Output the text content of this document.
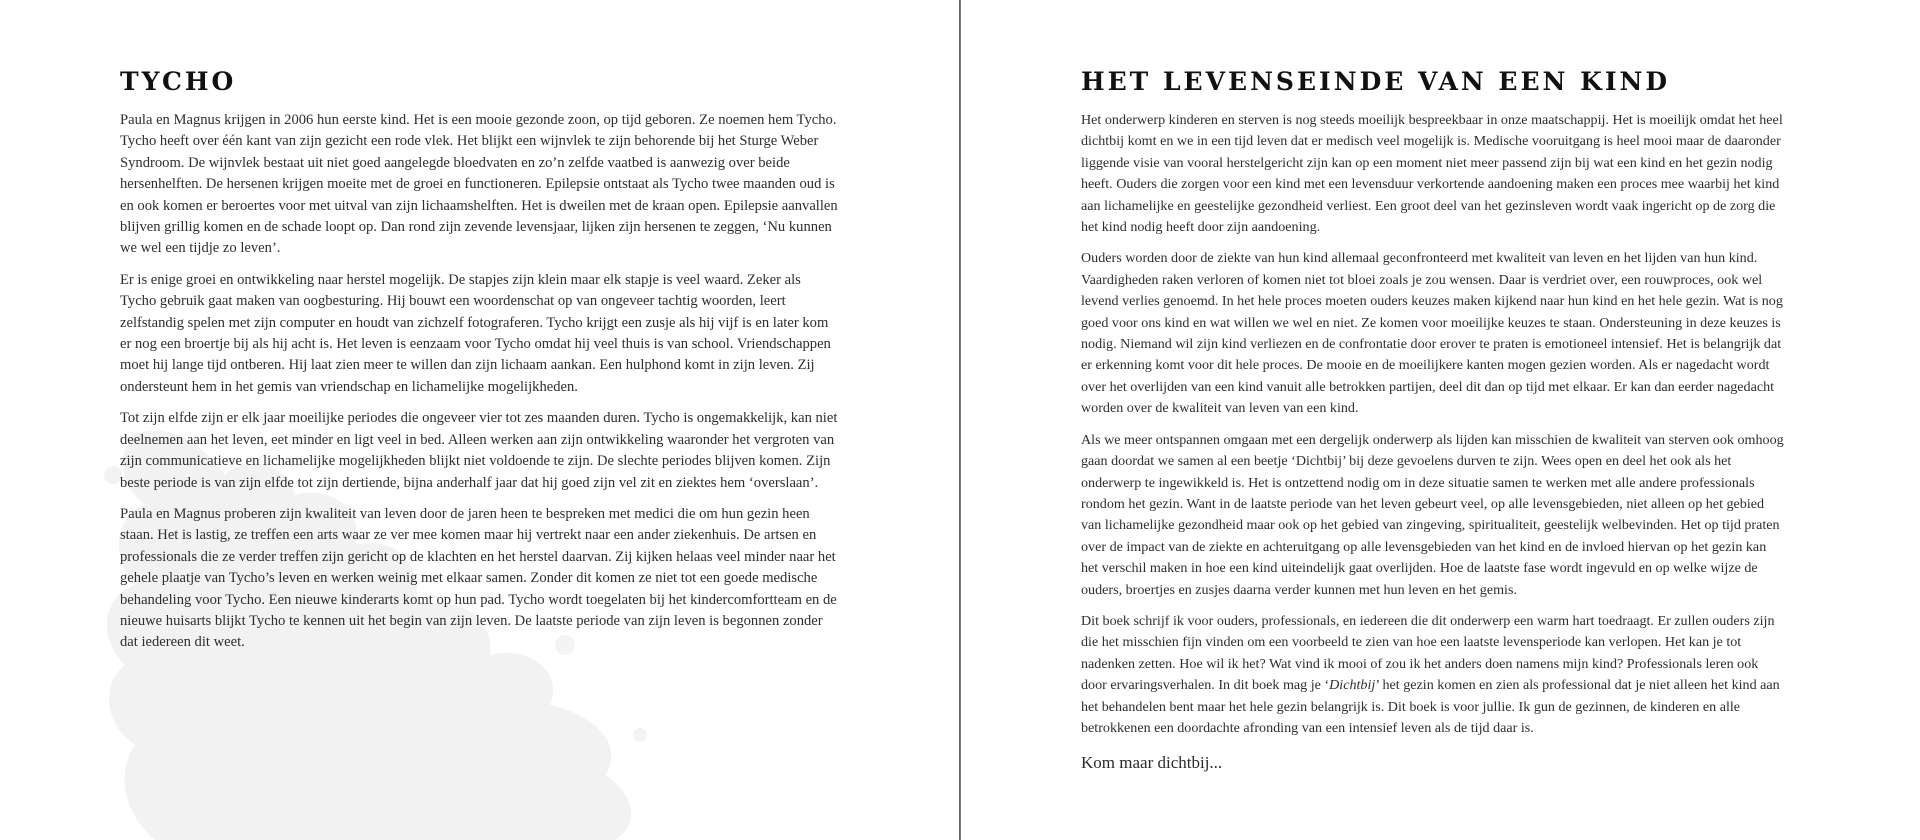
TYCHO

Paula en Magnus krijgen in 2006 hun eerste kind. Het is een mooie gezonde zoon, op tijd geboren. Ze noemen hem Tycho. Tycho heeft over één kant van zijn gezicht een rode vlek. Het blijkt een wijnvlek te zijn behorende bij het Sturge Weber Syndroom. De wijnvlek bestaat uit niet goed aangelegde bloedvaten en zo’n zelfde vaatbed is aanwezig over beide hersenhelften. De hersenen krijgen moeite met de groei en functioneren. Epilepsie ontstaat als Tycho twee maanden oud is en ook komen er beroertes voor met uitval van zijn lichaamshelften. Het is dweilen met de kraan open. Epilepsie aanvallen blijven grillig komen en de schade loopt op. Dan rond zijn zevende levensjaar, lijken zijn hersenen te zeggen, ‘Nu kunnen we wel een tijdje zo leven’.

Er is enige groei en ontwikkeling naar herstel mogelijk. De stapjes zijn klein maar elk stapje is veel waard. Zeker als Tycho gebruik gaat maken van oogbesturing. Hij bouwt een woordenschat op van ongeveer tachtig woorden, leert zelfstandig spelen met zijn computer en houdt van zichzelf fotograferen. Tycho krijgt een zusje als hij vijf is en later kom er nog een broertje bij als hij acht is. Het leven is eenzaam voor Tycho omdat hij veel thuis is van school. Vriendschappen moet hij lange tijd ontberen. Hij laat zien meer te willen dan zijn lichaam aankan. Een hulphond komt in zijn leven. Zij ondersteunt hem in het gemis van vriendschap en lichamelijke mogelijkheden.

Tot zijn elfde zijn er elk jaar moeilijke periodes die ongeveer vier tot zes maanden duren. Tycho is ongemakkelijk, kan niet deelnemen aan het leven, eet minder en ligt veel in bed. Alleen werken aan zijn ontwikkeling waaronder het vergroten van zijn communicatieve en lichamelijke mogelijkheden blijkt niet voldoende te zijn. De slechte periodes blijven komen. Zijn beste periode is van zijn elfde tot zijn dertiende, bijna anderhalf jaar dat hij goed zijn vel zit en ziektes hem ‘overslaan’.

Paula en Magnus proberen zijn kwaliteit van leven door de jaren heen te bespreken met medici die om hun gezin heen staan. Het is lastig, ze treffen een arts waar ze ver mee komen maar hij vertrekt naar een ander ziekenhuis. De artsen en professionals die ze verder treffen zijn gericht op de klachten en het herstel daarvan. Zij kijken helaas veel minder naar het gehele plaatje van Tycho’s leven en werken weinig met elkaar samen. Zonder dit komen ze niet tot een goede medische behandeling voor Tycho. Een nieuwe kinderarts komt op hun pad. Tycho wordt toegelaten bij het kindercomfortteam en de nieuwe huisarts blijkt Tycho te kennen uit het begin van zijn leven. De laatste periode van zijn leven is begonnen zonder dat iedereen dit weet.

HET LEVENSEINDE VAN EEN KIND

Het onderwerp kinderen en sterven is nog steeds moeilijk bespreekbaar in onze maatschappij. Het is moeilijk omdat het heel dichtbij komt en we in een tijd leven dat er medisch veel mogelijk is. Medische vooruitgang is heel mooi maar de daaronder liggende visie van vooral herstelgericht zijn kan op een moment niet meer passend zijn bij wat een kind en het gezin nodig heeft. Ouders die zorgen voor een kind met een levensduur verkortende aandoening maken een proces mee waarbij het kind aan lichamelijke en geestelijke gezondheid verliest. Een groot deel van het gezinsleven wordt vaak ingericht op de zorg die het kind nodig heeft door zijn aandoening.

Ouders worden door de ziekte van hun kind allemaal geconfronteerd met kwaliteit van leven en het lijden van hun kind. Vaardigheden raken verloren of komen niet tot bloei zoals je zou wensen. Daar is verdriet over, een rouwproces, ook wel levend verlies genoemd. In het hele proces moeten ouders keuzes maken kijkend naar hun kind en het hele gezin. Wat is nog goed voor ons kind en wat willen we wel en niet. Ze komen voor moeilijke keuzes te staan. Ondersteuning in deze keuzes is nodig. Niemand wil zijn kind verliezen en de confrontatie door erover te praten is emotioneel intensief. Het is belangrijk dat er erkenning komt voor dit hele proces. De mooie en de moeilijkere kanten mogen gezien worden. Als er nagedacht wordt over het overlijden van een kind vanuit alle betrokken partijen, deel dit dan op tijd met elkaar. Er kan dan eerder nagedacht worden over de kwaliteit van leven van een kind.

Als we meer ontspannen omgaan met een dergelijk onderwerp als lijden kan misschien de kwaliteit van sterven ook omhoog gaan doordat we samen al een beetje ‘Dichtbij’ bij deze gevoelens durven te zijn. Wees open en deel het ook als het onderwerp te ingewikkeld is. Het is ontzettend nodig om in deze situatie samen te werken met alle andere professionals rondom het gezin. Want in de laatste periode van het leven gebeurt veel, op alle levensgebieden, niet alleen op het gebied van lichamelijke gezondheid maar ook op het gebied van zingeving, spiritualiteit, geestelijk welbevinden. Het op tijd praten over de impact van de ziekte en achteruitgang op alle levensgebieden van het kind en de invloed hiervan op het gezin kan het verschil maken in hoe een kind uiteindelijk gaat overlijden. Hoe de laatste fase wordt ingevuld en op welke wijze de ouders, broertjes en zusjes daarna verder kunnen met hun leven en het gemis.

Dit boek schrijf ik voor ouders, professionals, en iedereen die dit onderwerp een warm hart toedraagt. Er zullen ouders zijn die het misschien fijn vinden om een voorbeeld te zien van hoe een laatste levensperiode kan verlopen. Het kan je tot nadenken zetten. Hoe wil ik het? Wat vind ik mooi of zou ik het anders doen namens mijn kind? Professionals leren ook door ervaringsverhalen. In dit boek mag je ‘Dichtbij’ het gezin komen en zien als professional dat je niet alleen het kind aan het behandelen bent maar het hele gezin belangrijk is. Dit boek is voor jullie. Ik gun de gezinnen, de kinderen en alle betrokkenen een doordachte afronding van een intensief leven als de tijd daar is.

Kom maar dichtbij...
